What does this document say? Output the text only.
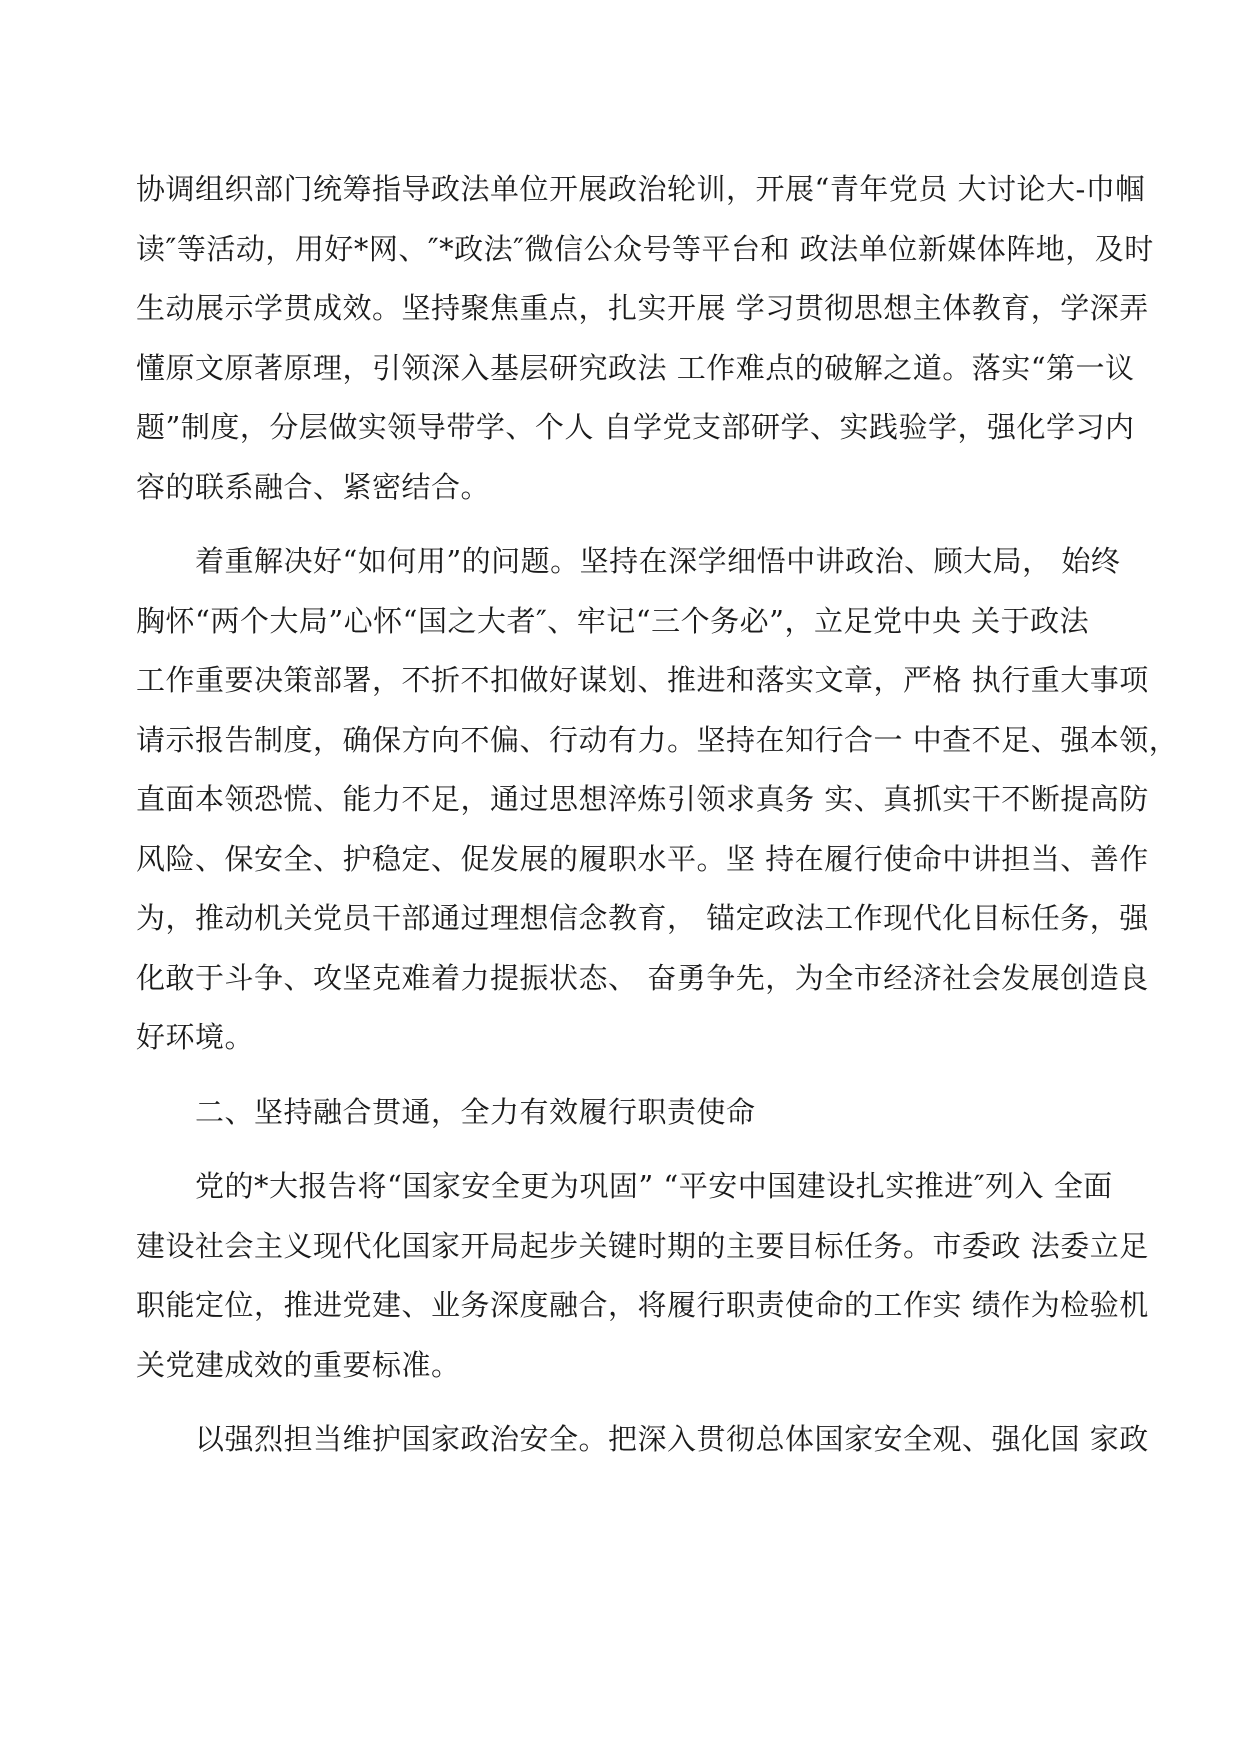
协调组织部门统筹指导政法单位开展政治轮训，开展“青年党员 大讨论大-巾帼
读″等活动，用好*网、″*政法″微信公众号等平台和 政法单位新媒体阵地，及时
生动展示学贯成效。坚持聚焦重点，扎实开展 学习贯彻思想主体教育，学深弄
懂原文原著原理，引领深入基层研究政法 工作难点的破解之道。落实“第一议
题”制度，分层做实领导带学、个人 自学党支部研学、实践验学，强化学习内
容的联系融合、紧密结合。
　　着重解决好“如何用”的问题。坚持在深学细悟中讲政治、顾大局， 始终
胸怀“两个大局”心怀“国之大者″、牢记“三个务必”，立足党中央 关于政法
工作重要决策部署，不折不扣做好谋划、推进和落实文章，严格 执行重大事项
请示报告制度，确保方向不偏、行动有力。坚持在知行合一 中查不足、强本领，
直面本领恐慌、能力不足，通过思想淬炼引领求真务 实、真抓实干不断提高防
风险、保安全、护稳定、促发展的履职水平。坚 持在履行使命中讲担当、善作
为，推动机关党员干部通过理想信念教育， 锚定政法工作现代化目标任务，强
化敢于斗争、攻坚克难着力提振状态、 奋勇争先，为全市经济社会发展创造良
好环境。
　　二、坚持融合贯通，全力有效履行职责使命
　　党的*大报告将“国家安全更为巩固” “平安中国建设扎实推进″列入 全面
建设社会主义现代化国家开局起步关键时期的主要目标任务。市委政 法委立足
职能定位，推进党建、业务深度融合，将履行职责使命的工作实 绩作为检验机
关党建成效的重要标准。
　　以强烈担当维护国家政治安全。把深入贯彻总体国家安全观、强化国 家政
